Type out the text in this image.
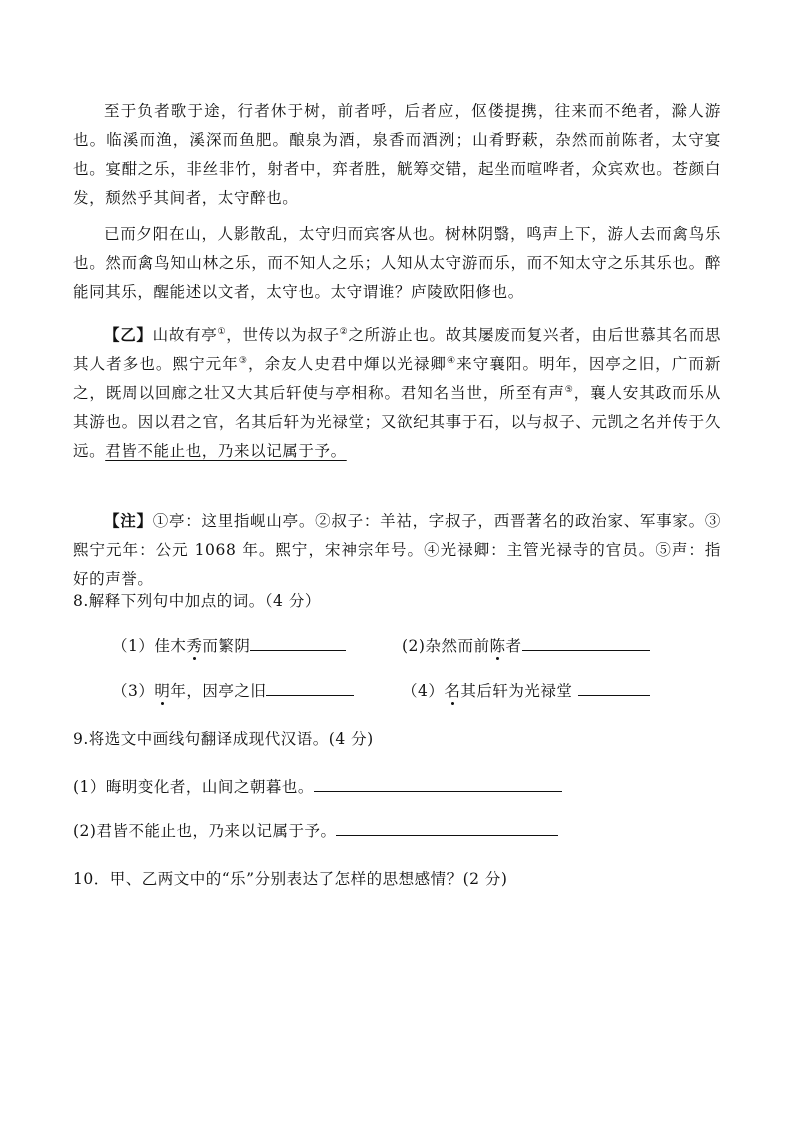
至于负者歌于途，行者休于树，前者呼，后者应，伛偻提携，往来而不绝者，滁人游也。临溪而渔，溪深而鱼肥。酿泉为酒，泉香而酒洌；山肴野蔌，杂然而前陈者，太守宴也。宴酣之乐，非丝非竹，射者中，弈者胜，觥筹交错，起坐而喧哗者，众宾欢也。苍颜白发，颓然乎其间者，太守醉也。

已而夕阳在山，人影散乱，太守归而宾客从也。树林阴翳，鸣声上下，游人去而禽鸟乐也。然而禽鸟知山林之乐，而不知人之乐；人知从太守游而乐，而不知太守之乐其乐也。醉能同其乐，醒能述以文者，太守也。太守谓谁？庐陵欧阳修也。

【乙】山故有亭①，世传以为叔子②之所游止也。故其屡废而复兴者，由后世慕其名而思其人者多也。熙宁元年③，余友人史君中煇以光禄卿④来守襄阳。明年，因亭之旧，广而新之，既周以回廊之壮又大其后轩使与亭相称。君知名当世，所至有声⑤，襄人安其政而乐从其游也。因以君之官，名其后轩为光禄堂；又欲纪其事于石，以与叔子、元凯之名并传于久远。君皆不能止也，乃来以记属于予。

【注】①亭：这里指岘山亭。②叔子：羊祜，字叔子，西晋著名的政治家、军事家。③熙宁元年：公元 1068 年。熙宁，宋神宗年号。④光禄卿：主管光禄寺的官员。⑤声：指好的声誉。

8.解释下列句中加点的词。（4 分）
（1）佳木秀而繁阴	(2)杂然而前陈者
（3）明年，因亭之旧	（4）名其后轩为光禄堂
9.将选文中画线句翻译成现代汉语。(4 分)
(1）晦明变化者，山间之朝暮也。
(2)君皆不能止也，乃来以记属于予。
10．甲、乙两文中的“乐”分别表达了怎样的思想感情？(2 分)
